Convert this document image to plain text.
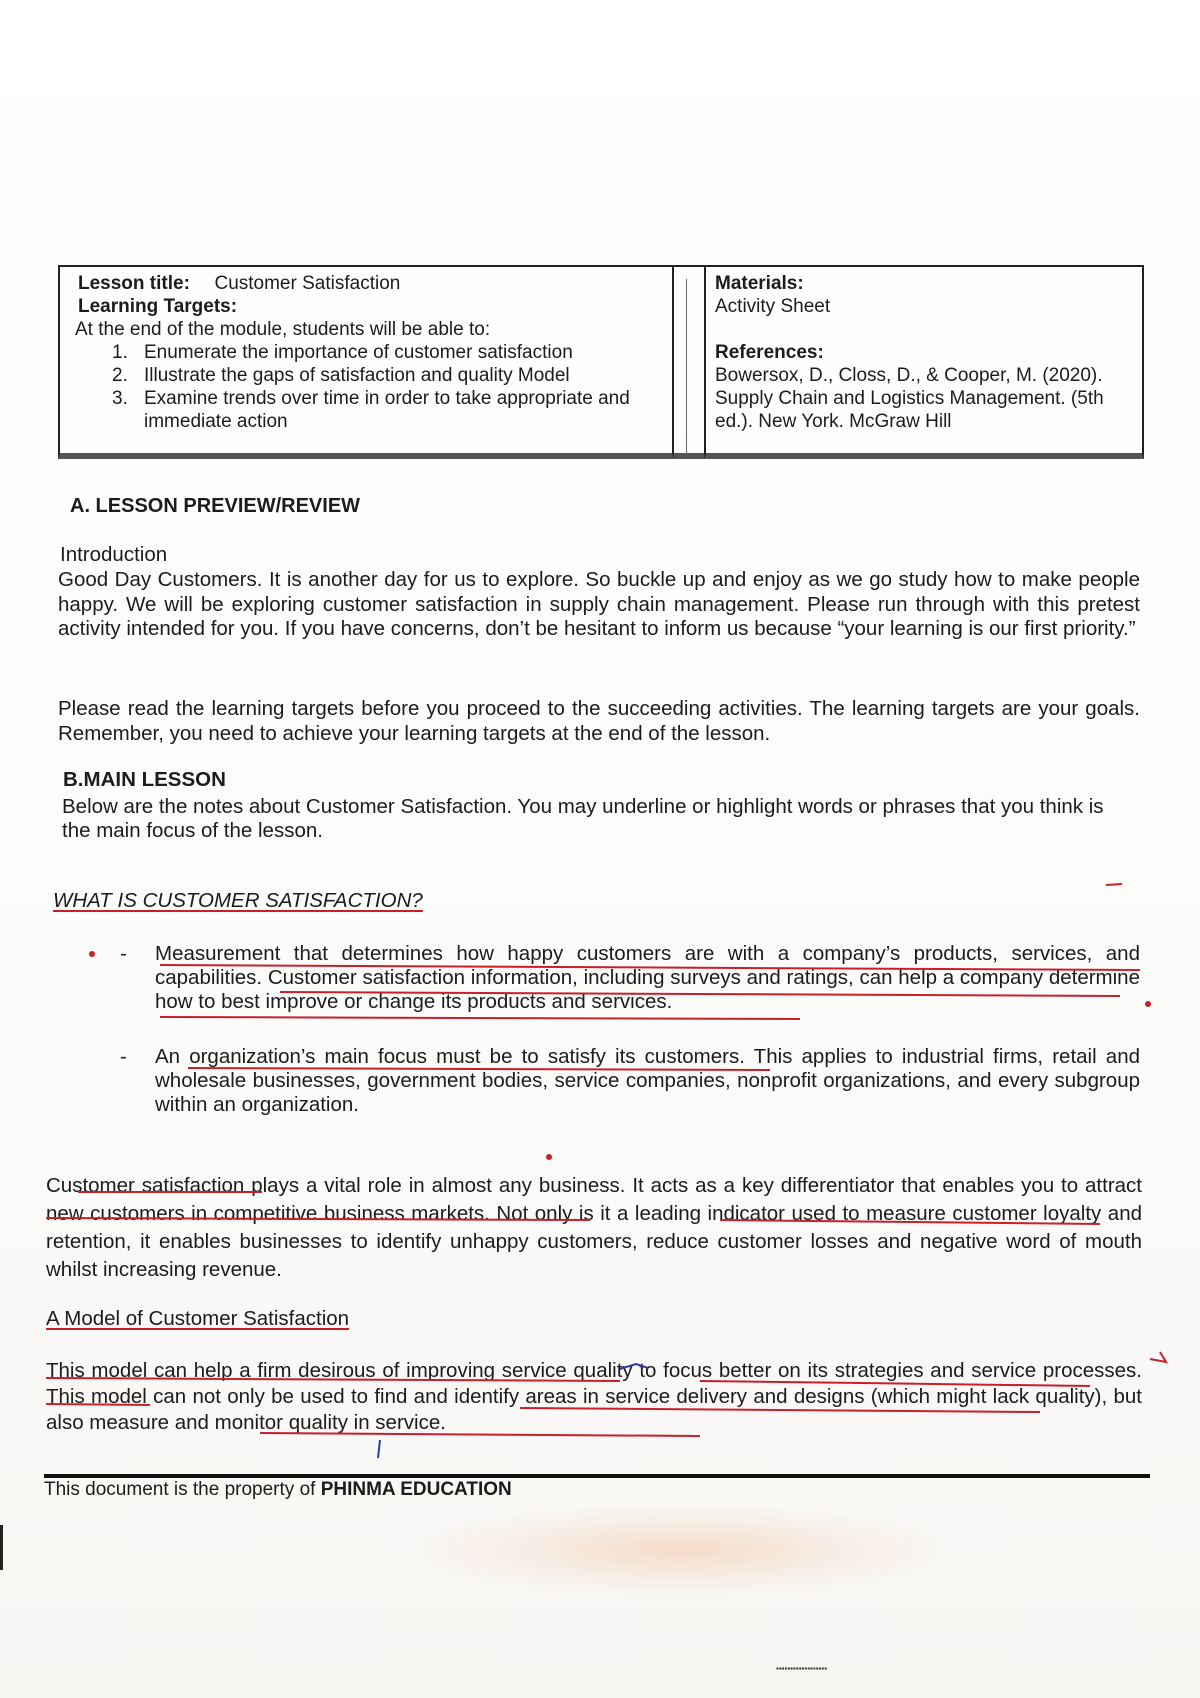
Lesson title: Customer Satisfaction
Learning Targets:
At the end of the module, students will be able to:
1. Enumerate the importance of customer satisfaction
2. Illustrate the gaps of satisfaction and quality Model
3. Examine trends over time in order to take appropriate and immediate action
Materials:
Activity Sheet
References:
Bowersox, D., Closs, D., & Cooper, M. (2020). Supply Chain and Logistics Management. (5th ed.). New York. McGraw Hill
A. LESSON PREVIEW/REVIEW
Introduction
Good Day Customers. It is another day for us to explore. So buckle up and enjoy as we go study how to make people happy. We will be exploring customer satisfaction in supply chain management. Please run through with this pretest activity intended for you. If you have concerns, don’t be hesitant to inform us because “your learning is our first priority.”
Please read the learning targets before you proceed to the succeeding activities. The learning targets are your goals. Remember, you need to achieve your learning targets at the end of the lesson.
B.MAIN LESSON
Below are the notes about Customer Satisfaction. You may underline or highlight words or phrases that you think is the main focus of the lesson.
WHAT IS CUSTOMER SATISFACTION?
- Measurement that determines how happy customers are with a company’s products, services, and capabilities. Customer satisfaction information, including surveys and ratings, can help a company determine how to best improve or change its products and services.
- An organization’s main focus must be to satisfy its customers. This applies to industrial firms, retail and wholesale businesses, government bodies, service companies, nonprofit organizations, and every subgroup within an organization.
Customer satisfaction plays a vital role in almost any business. It acts as a key differentiator that enables you to attract new customers in competitive business markets. Not only is it a leading indicator used to measure customer loyalty and retention, it enables businesses to identify unhappy customers, reduce customer losses and negative word of mouth whilst increasing revenue.
A Model of Customer Satisfaction
This model can help a firm desirous of improving service quality to focus better on its strategies and service processes. This model can not only be used to find and identify areas in service delivery and designs (which might lack quality), but also measure and monitor quality in service.
This document is the property of PHINMA EDUCATION
▪▪▪▪▪▪▪▪▪▪▪▪▪▪▪▪▪▪
